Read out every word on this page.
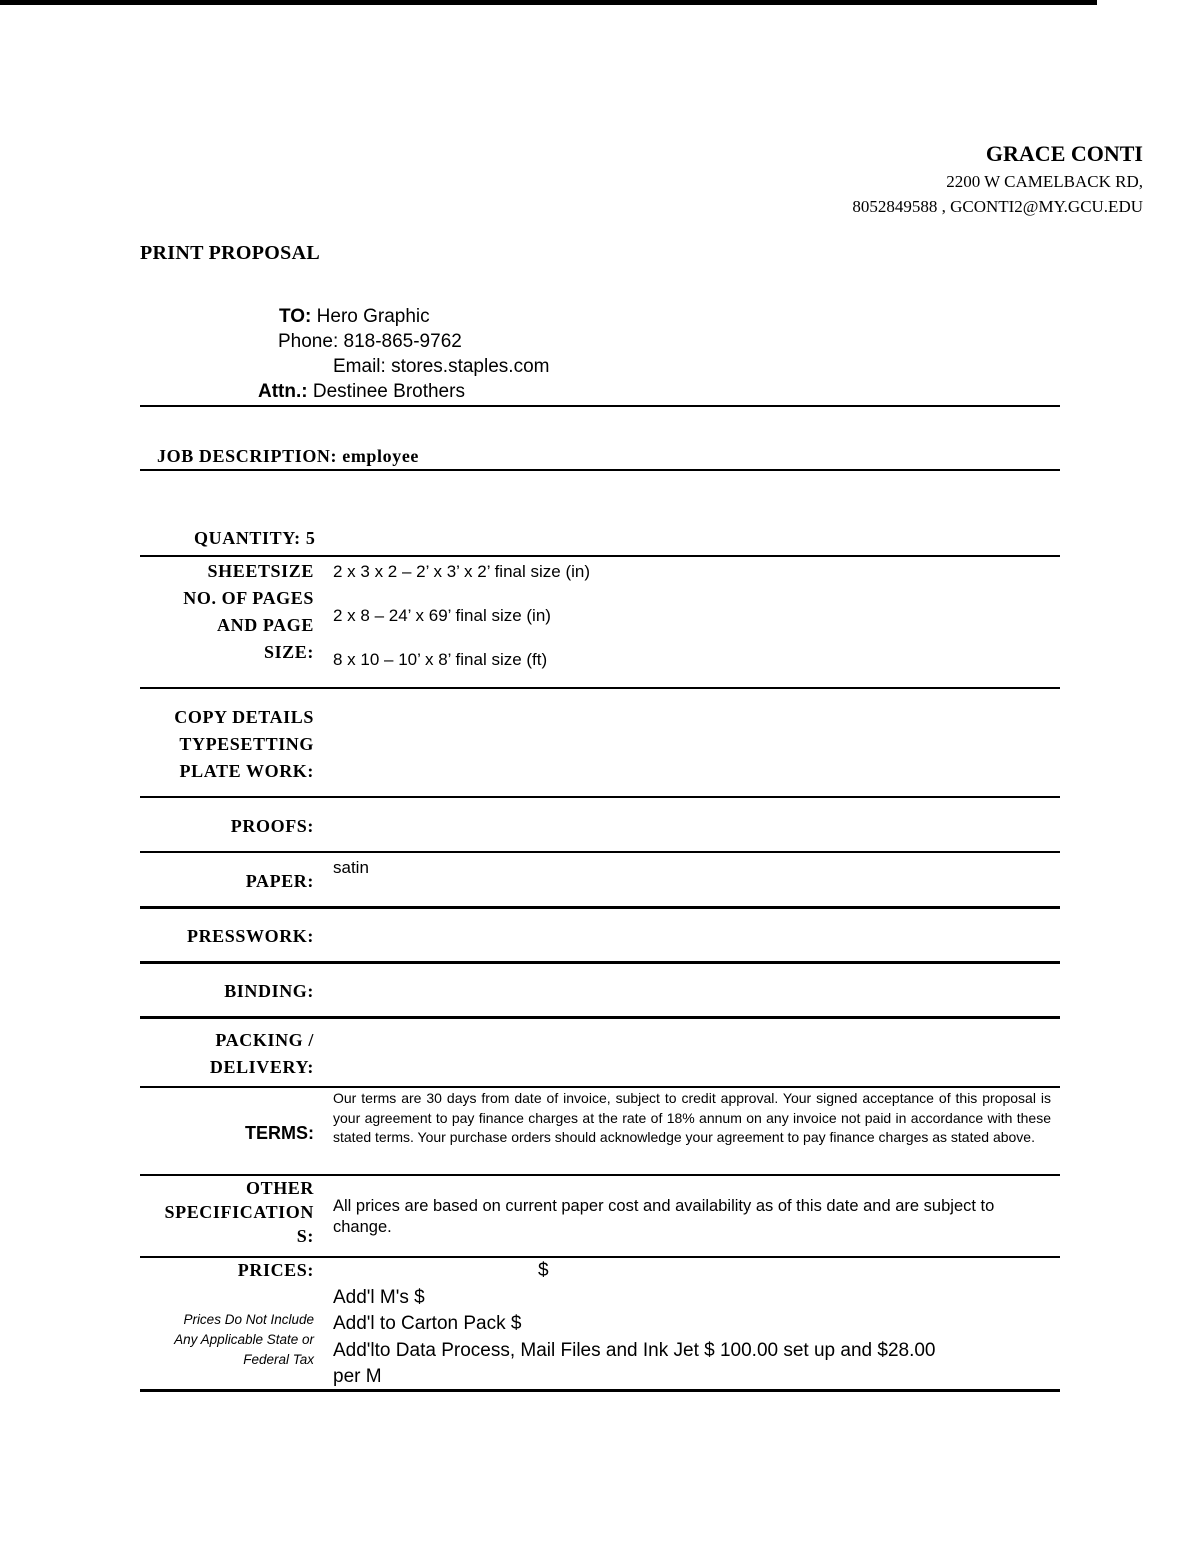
GRACE CONTI
2200 W CAMELBACK RD,
8052849588 , GCONTI2@MY.GCU.EDU
PRINT PROPOSAL
TO: Hero Graphic
Phone: 818-865-9762
Email: stores.staples.com
Attn.: Destinee Brothers
JOB DESCRIPTION: employee
QUANTITY: 5
SHEETSIZE
NO. OF PAGES
AND PAGE
SIZE:
2 x 3 x 2 – 2’ x 3’ x 2’ final size (in)
2 x 8 – 24’ x 69’ final size (in)
8 x 10 – 10’ x 8’ final size (ft)
COPY DETAILS
TYPESETTING
PLATE WORK:
PROOFS:
PAPER:
satin
PRESSWORK:
BINDING:
PACKING /
DELIVERY:
TERMS:
Our terms are 30 days from date of invoice, subject to credit approval. Your signed acceptance of this proposal is your agreement to pay finance charges at the rate of 18% annum on any invoice not paid in accordance with these stated terms. Your purchase orders should acknowledge your agreement to pay finance charges as stated above.
OTHER
SPECIFICATION
S:
All prices are based on current paper cost and availability as of this date and are subject to change.
PRICES:
Prices Do Not Include
Any Applicable State or
Federal Tax
$
Add'l M's $
Add'l to Carton Pack $
Add'lto Data Process, Mail Files and Ink Jet $ 100.00 set up and $28.00
per M
